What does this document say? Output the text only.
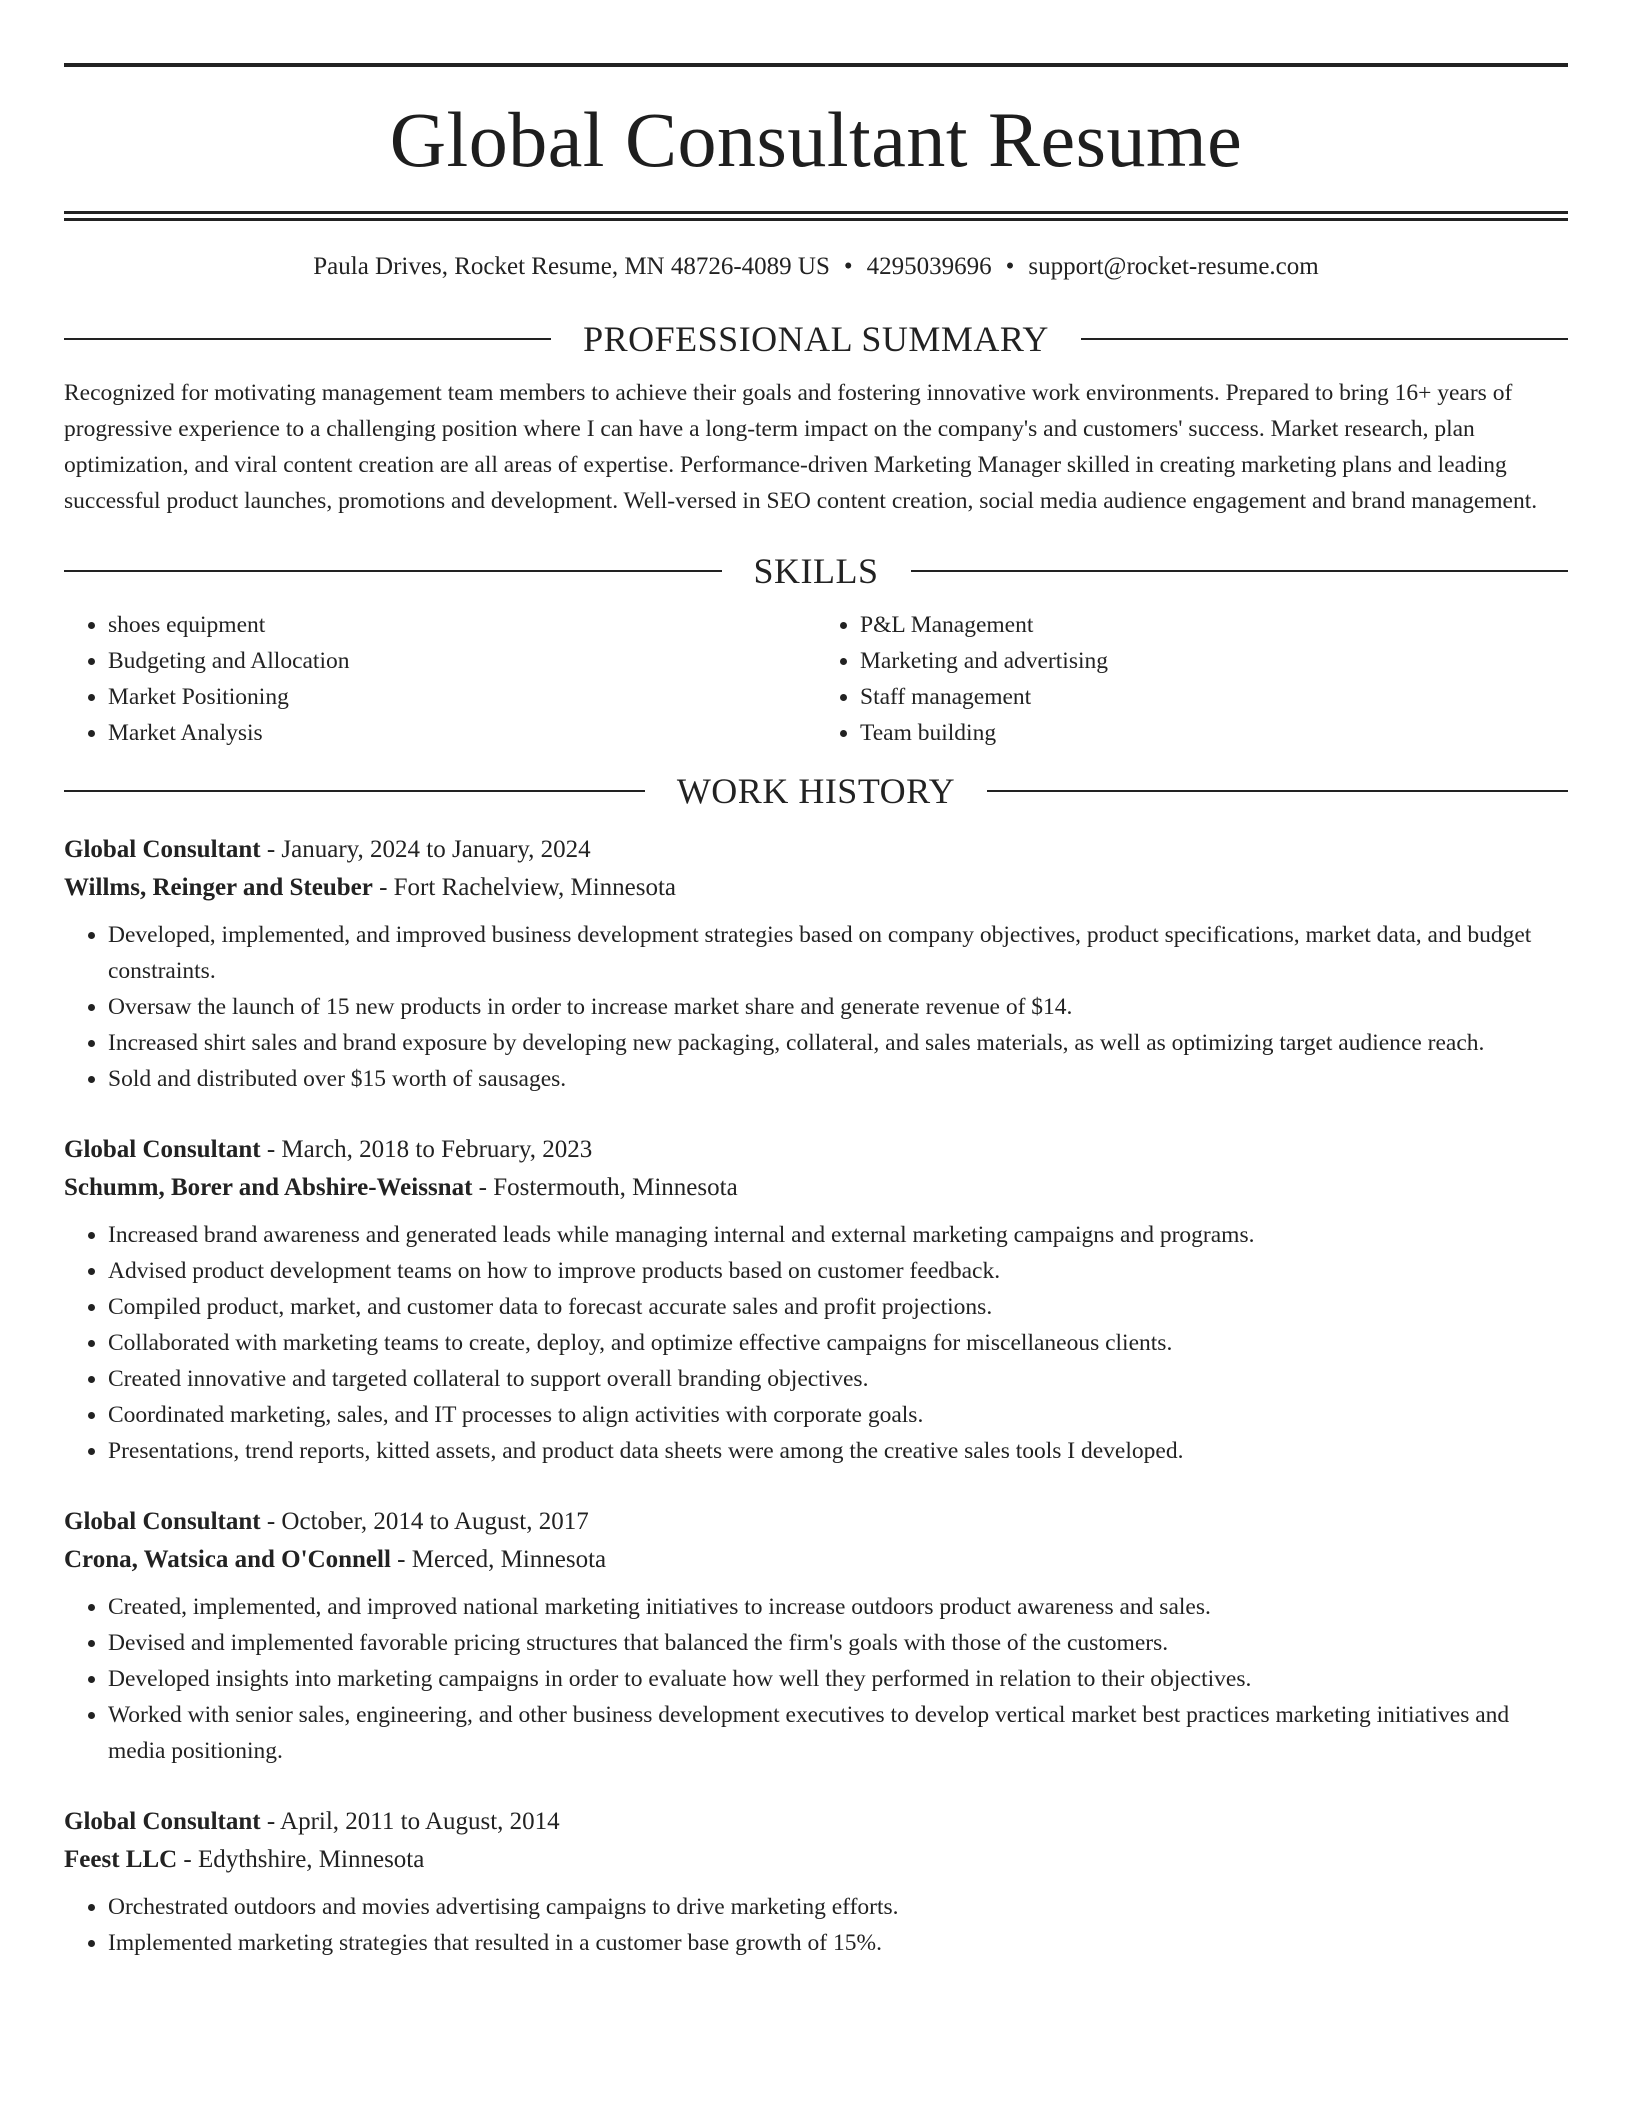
Global Consultant Resume
Paula Drives, Rocket Resume, MN 48726-4089 US • 4295039696 • support@rocket-resume.com
PROFESSIONAL SUMMARY
Recognized for motivating management team members to achieve their goals and fostering innovative work environments. Prepared to bring 16+ years of progressive experience to a challenging position where I can have a long-term impact on the company's and customers' success. Market research, plan optimization, and viral content creation are all areas of expertise. Performance-driven Marketing Manager skilled in creating marketing plans and leading successful product launches, promotions and development. Well-versed in SEO content creation, social media audience engagement and brand management.
SKILLS
• shoes equipment
• Budgeting and Allocation
• Market Positioning
• Market Analysis
• P&L Management
• Marketing and advertising
• Staff management
• Team building
WORK HISTORY
Global Consultant - January, 2024 to January, 2024
Willms, Reinger and Steuber - Fort Rachelview, Minnesota
• Developed, implemented, and improved business development strategies based on company objectives, product specifications, market data, and budget constraints.
• Oversaw the launch of 15 new products in order to increase market share and generate revenue of $14.
• Increased shirt sales and brand exposure by developing new packaging, collateral, and sales materials, as well as optimizing target audience reach.
• Sold and distributed over $15 worth of sausages.
Global Consultant - March, 2018 to February, 2023
Schumm, Borer and Abshire-Weissnat - Fostermouth, Minnesota
• Increased brand awareness and generated leads while managing internal and external marketing campaigns and programs.
• Advised product development teams on how to improve products based on customer feedback.
• Compiled product, market, and customer data to forecast accurate sales and profit projections.
• Collaborated with marketing teams to create, deploy, and optimize effective campaigns for miscellaneous clients.
• Created innovative and targeted collateral to support overall branding objectives.
• Coordinated marketing, sales, and IT processes to align activities with corporate goals.
• Presentations, trend reports, kitted assets, and product data sheets were among the creative sales tools I developed.
Global Consultant - October, 2014 to August, 2017
Crona, Watsica and O'Connell - Merced, Minnesota
• Created, implemented, and improved national marketing initiatives to increase outdoors product awareness and sales.
• Devised and implemented favorable pricing structures that balanced the firm's goals with those of the customers.
• Developed insights into marketing campaigns in order to evaluate how well they performed in relation to their objectives.
• Worked with senior sales, engineering, and other business development executives to develop vertical market best practices marketing initiatives and media positioning.
Global Consultant - April, 2011 to August, 2014
Feest LLC - Edythshire, Minnesota
• Orchestrated outdoors and movies advertising campaigns to drive marketing efforts.
• Implemented marketing strategies that resulted in a customer base growth of 15%.
